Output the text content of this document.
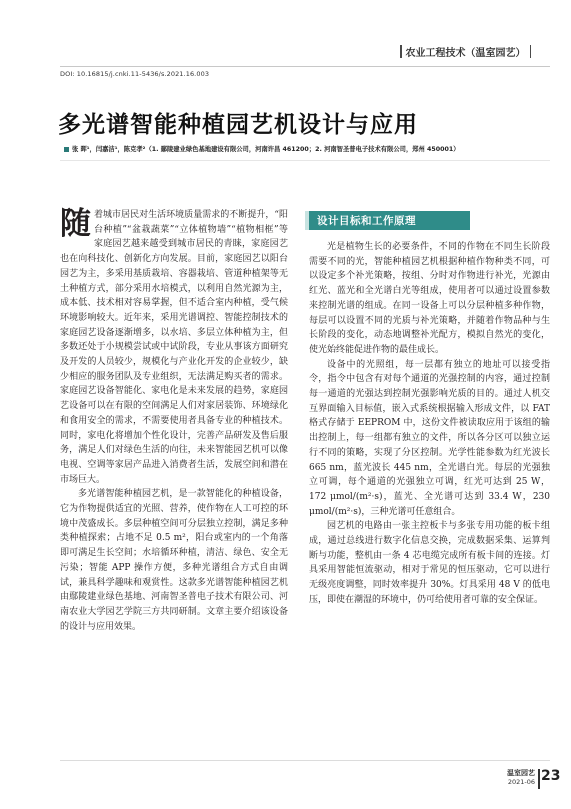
农业工程技术（温室园艺）
DOI: 10.16815/j.cnki.11-5436/s.2021.16.003
多光谱智能种植园艺机设计与应用
张 晖¹，闫嘉洁¹，陈克孝²（1. 鄢陵建业绿色基地建设有限公司，河南许昌 461200；2. 河南智圣普电子技术有限公司，郑州 450001）

随着城市居民对生活环境质量需求的不断提升，“阳台种植”“盆栽蔬菜”“立体植物墙”“植物相框”等家庭园艺越来越受到城市居民的青睐，家庭园艺也在向科技化、创新化方向发展。目前，家庭园艺以阳台园艺为主，多采用基质栽培、容器栽培、管道种植架等无土种植方式，部分采用水培模式，以利用自然光源为主，成本低、技术相对容易掌握，但不适合室内种植，受气候环境影响较大。近年来，采用光谱调控、智能控制技术的家庭园艺设备逐渐增多，以水培、多层立体种植为主，但多数还处于小规模尝试或中试阶段，专业从事该方面研究及开发的人员较少，规模化与产业化开发的企业较少，缺少相应的服务团队及专业组织，无法满足购买者的需求。家庭园艺设备智能化、家电化是未来发展的趋势，家庭园艺设备可以在有限的空间满足人们对家居装饰、环境绿化和食用安全的需求，不需要使用者具备专业的种植技术。同时，家电化将增加个性化设计，完善产品研发及售后服务，满足人们对绿色生活的向往，未来智能园艺机可以像电视、空调等家居产品进入消费者生活，发展空间和潜在市场巨大。

多光谱智能种植园艺机，是一款智能化的种植设备，它为作物提供适宜的光照、营养，使作物在人工可控的环境中茂盛成长。多层种植空间可分层独立控制，满足多种类种植探索；占地不足 0.5 m²，阳台或室内的一个角落即可满足生长空间；水培循环种植，清洁、绿色、安全无污染；智能 APP 操作方便，多种光谱组合方式自由调试，兼具科学趣味和观赏性。这款多光谱智能种植园艺机由鄢陵建业绿色基地、河南智圣普电子技术有限公司、河南农业大学园艺学院三方共同研制。文章主要介绍该设备的设计与应用效果。

设计目标和工作原理

光是植物生长的必要条件，不同的作物在不同生长阶段需要不同的光，智能种植园艺机根据种植作物种类不同，可以设定多个补光策略，按组、分时对作物进行补光，光源由红光、蓝光和全光谱白光等组成，使用者可以通过设置参数来控制光谱的组成。在同一设备上可以分层种植多种作物，每层可以设置不同的光质与补光策略，并随着作物品种与生长阶段的变化，动态地调整补光配方，模拟自然光的变化，使光始终能促进作物的最佳成长。

设备中的光照组，每一层都有独立的地址可以接受指令，指令中包含有对每个通道的光强控制的内容，通过控制每一通道的光强达到控制光强影响光质的目的。通过人机交互界面输入目标值，嵌入式系统根据输入形成文件，以 FAT 格式存储于 EEPROM 中，这份文件被读取应用于该组的输出控制上，每一组都有独立的文件，所以各分区可以独立运行不同的策略，实现了分区控制。光学性能参数为红光波长 665 nm，蓝光波长 445 nm，全光谱白光。每层的光强独立可调，每个通道的光强独立可调，红光可达到 25 W，172 μmol/(m²·s)，蓝光、全光谱可达到 33.4 W，230 μmol/(m²·s)，三种光谱可任意组合。

园艺机的电路由一张主控板卡与多张专用功能的板卡组成，通过总线进行数字化信息交换，完成数据采集、运算判断与功能，整机由一条 4 芯电缆完成所有板卡间的连接。灯具采用智能恒流驱动，相对于常见的恒压驱动，它可以进行无级亮度调整，同时效率提升 30%。灯具采用 48 V 的低电压，即使在潮湿的环境中，仍可给使用者可靠的安全保证。

温室园艺
2021-06 23
